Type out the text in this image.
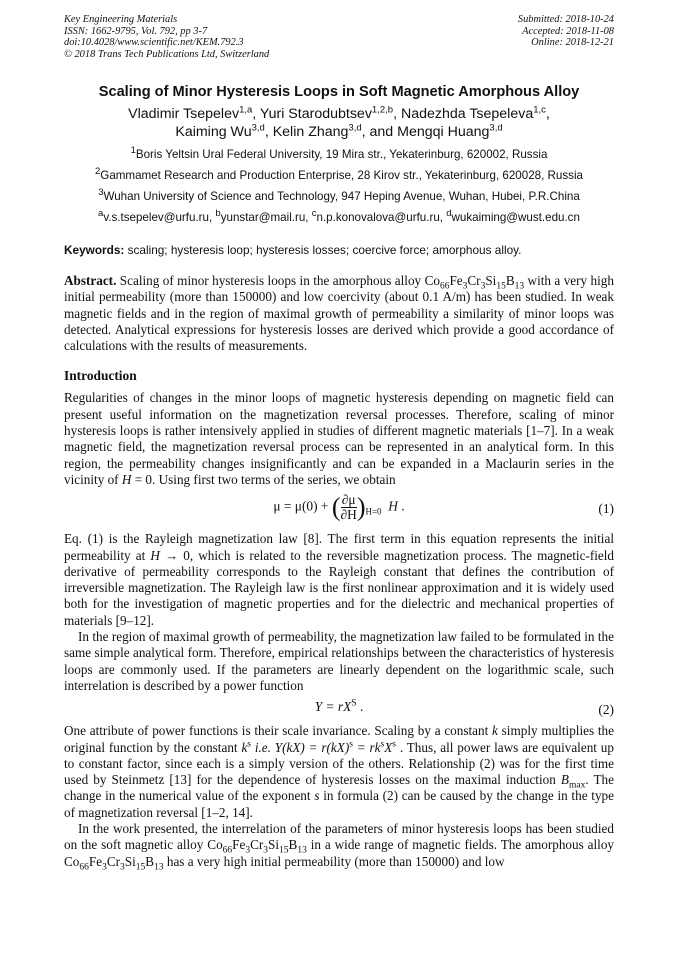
Key Engineering Materials
ISSN: 1662-9795, Vol. 792, pp 3-7
doi:10.4028/www.scientific.net/KEM.792.3
© 2018 Trans Tech Publications Ltd, Switzerland
Submitted: 2018-10-24
Accepted: 2018-11-08
Online: 2018-12-21
Scaling of Minor Hysteresis Loops in Soft Magnetic Amorphous Alloy
Vladimir Tsepelev$^{1,a}$, Yuri Starodubtsev$^{1,2,b}$, Nadezhda Tsepeleva$^{1,c}$,
Kaiming Wu$^{3,d}$, Kelin Zhang$^{3,d}$, and Mengqi Huang$^{3,d}$
$^1$Boris Yeltsin Ural Federal University, 19 Mira str., Yekaterinburg, 620002, Russia
$^2$Gammamet Research and Production Enterprise, 28 Kirov str., Yekaterinburg, 620028, Russia
$^3$Wuhan University of Science and Technology, 947 Heping Avenue, Wuhan, Hubei, P.R.China
$^a$v.s.tsepelev@urfu.ru, $^b$yunstar@mail.ru, $^c$n.p.konovalova@urfu.ru, $^d$wukaiming@wust.edu.cn
Keywords: scaling; hysteresis loop; hysteresis losses; coercive force; amorphous alloy.
Abstract. Scaling of minor hysteresis loops in the amorphous alloy $Co_{66}Fe_3Cr_3Si_{15}B_{13}$ with a very high initial permeability (more than 150000) and low coercivity (about 0.1 A/m) has been studied. In weak magnetic fields and in the region of maximal growth of permeability a similarity of minor loops was detected. Analytical expressions for hysteresis losses are derived which provide a good accordance of calculations with the results of measurements.
Introduction
Regularities of changes in the minor loops of magnetic hysteresis depending on magnetic field can present useful information on the magnetization reversal processes. Therefore, scaling of minor hysteresis loops is rather intensively applied in studies of different magnetic materials [1–7]. In a weak magnetic field, the magnetization reversal process can be represented in an analytical form. In this region, the permeability changes insignificantly and can be expanded in a Maclaurin series in the vicinity of H = 0. Using first two terms of the series, we obtain
μ = μ(0) + ( $\frac{\partial\mu}{\partial H} )_{H=0}$ H .	(1)
Eq. (1) is the Rayleigh magnetization law [8]. The first term in this equation represents the initial permeability at H → 0, which is related to the reversible magnetization process. The magnetic-field derivative of permeability corresponds to the Rayleigh constant that defines the contribution of irreversible magnetization. The Rayleigh law is the first nonlinear approximation and it is widely used both for the investigation of magnetic properties and for the dielectric and mechanical properties of materials [9–12].
In the region of maximal growth of permeability, the magnetization law failed to be formulated in the same simple analytical form. Therefore, empirical relationships between the characteristics of hysteresis loops are commonly used. If the parameters are linearly dependent on the logarithmic scale, such interrelation is described by a power function
$Y = rX^S$ .	(2)
One attribute of power functions is their scale invariance. Scaling by a constant k simply multiplies the original function by the constant $k^s$ i.e. $Y(kX) = r(kX)^s = rk^sX^s$ . Thus, all power laws are equivalent up to constant factor, since each is a simply version of the others. Relationship (2) was for the first time used by Steinmetz [13] for the dependence of hysteresis losses on the maximal induction $B_{max}$. The change in the numerical value of the exponent s in formula (2) can be caused by the change in the type of magnetization reversal [1–2, 14].
In the work presented, the interrelation of the parameters of minor hysteresis loops has been studied on the soft magnetic alloy $Co_{66}Fe_3Cr_3Si_{15}B_{13}$ in a wide range of magnetic fields. The amorphous alloy $Co_{66}Fe_3Cr_3Si_{15}B_{13}$ has a very high initial permeability (more than 150000) and low
